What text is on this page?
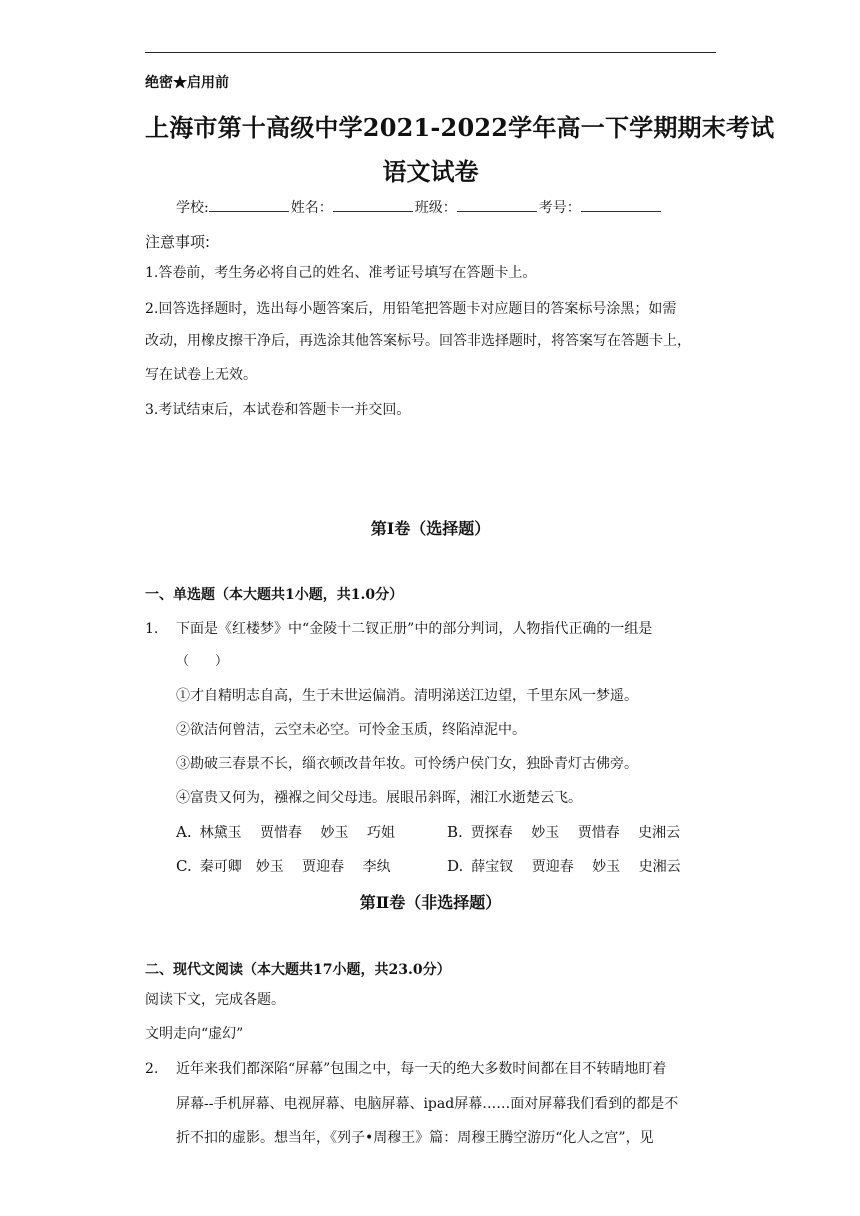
绝密★启用前
上海市第十高级中学2021-2022学年高一下学期期末考试
语文试卷
学校:	姓名：	班级：	考号：
注意事项:
1.答卷前，考生务必将自己的姓名、准考证号填写在答题卡上。
2.回答选择题时，选出每小题答案后，用铅笔把答题卡对应题目的答案标号涂黑；如需
改动，用橡皮擦干净后，再选涂其他答案标号。回答非选择题时，将答案写在答题卡上，
写在试卷上无效。
3.考试结束后，本试卷和答题卡一并交回。
第Ⅰ卷（选择题）
一、单选题（本大题共1小题，共1.0分）
1. 下面是《红楼梦》中“金陵十二钗正册”中的部分判词，人物指代正确的一组是
（　　）
①才自精明志自高，生于末世运偏消。清明涕送江边望，千里东风一梦遥。
②欲洁何曾洁，云空未必空。可怜金玉质，终陷淖泥中。
③勘破三春景不长，缁衣顿改昔年妆。可怜绣户侯门女，独卧青灯古佛旁。
④富贵又何为，襁褓之间父母违。展眼吊斜晖，湘江水逝楚云飞。
A. 林黛玉　 贾惜春　 妙玉　 巧姐	B. 贾探春　 妙玉　 贾惜春　 史湘云
C. 秦可卿　妙玉　 贾迎春　 李纨	D. 薛宝钗　 贾迎春　 妙玉　 史湘云
第Ⅱ卷（非选择题）
二、现代文阅读（本大题共17小题，共23.0分）
阅读下文，完成各题。
文明走向“虚幻”
2. 近年来我们都深陷“屏幕”包围之中，每一天的绝大多数时间都在目不转睛地盯着
屏幕--手机屏幕、电视屏幕、电脑屏幕、ipad屏幕……面对屏幕我们看到的都是不
折不扣的虚影。想当年，《列子•周穆王》篇：周穆王腾空游历“化人之宫”，见
